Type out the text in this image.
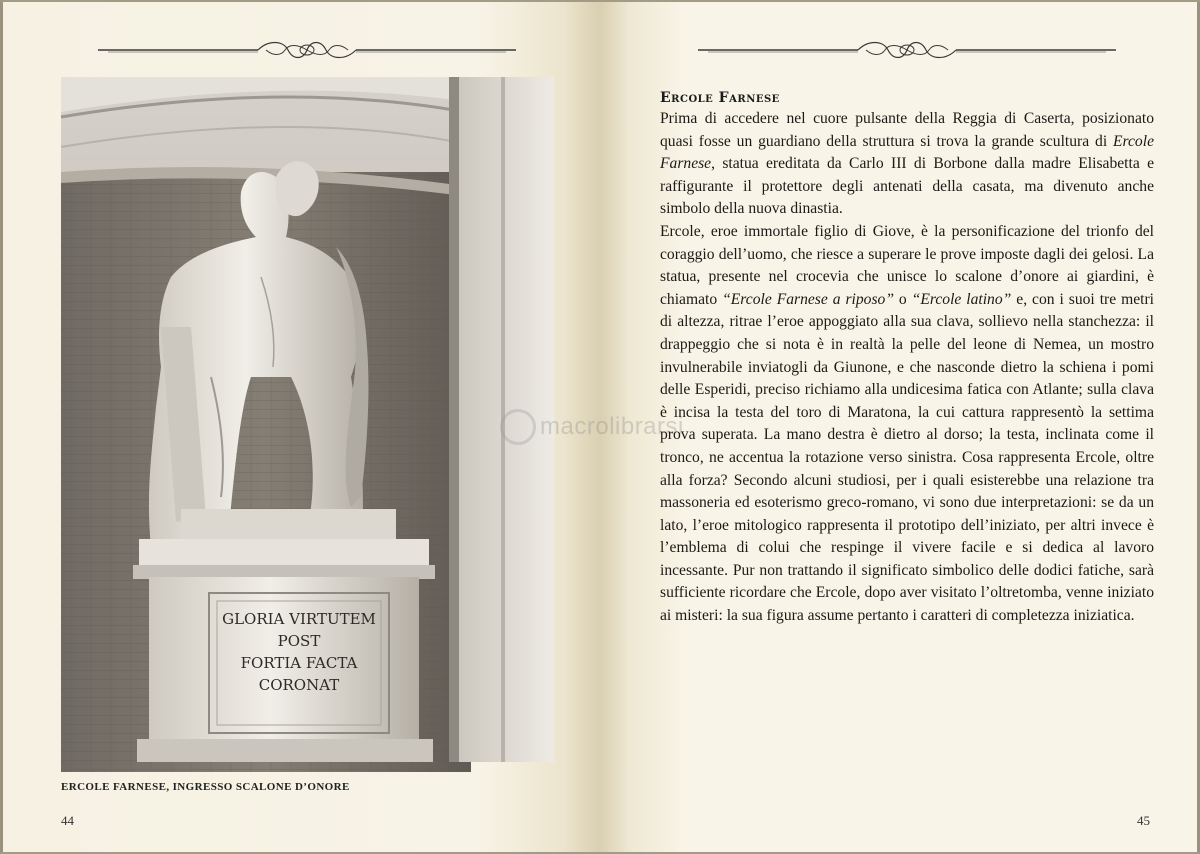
GLORIA VIRTUTEM
POST
FORTIA FACTA
CORONAT
ERCOLE FARNESE, INGRESSO SCALONE D’ONORE
44
macrolibrarsi
Ercole Farnese

Prima di accedere nel cuore pulsante della Reggia di Caserta, posizionato quasi fosse un guardiano della struttura si trova la grande scultura di Ercole Farnese, statua ereditata da Carlo III di Borbone dalla madre Elisabetta e raffigurante il protettore degli antenati della casata, ma divenuto anche simbolo della nuova dinastia.

Ercole, eroe immortale figlio di Giove, è la personificazione del trionfo del coraggio dell’uomo, che riesce a superare le prove imposte dagli dei gelosi. La statua, presente nel crocevia che unisce lo scalone d’onore ai giardini, è chiamato “Ercole Farnese a riposo” o “Ercole latino” e, con i suoi tre metri di altezza, ritrae l’eroe appoggiato alla sua clava, sollievo nella stanchezza: il drappeggio che si nota è in realtà la pelle del leone di Nemea, un mostro invulnerabile inviatogli da Giunone, e che nasconde dietro la schiena i pomi delle Esperidi, preciso richiamo alla undicesima fatica con Atlante; sulla clava è incisa la testa del toro di Maratona, la cui cattura rappresentò la settima prova superata. La mano destra è dietro al dorso; la testa, inclinata come il tronco, ne accentua la rotazione verso sinistra. Cosa rappresenta Ercole, oltre alla forza? Secondo alcuni studiosi, per i quali esisterebbe una relazione tra massoneria ed esoterismo greco-romano, vi sono due interpretazioni: se da un lato, l’eroe mitologico rappresenta il prototipo dell’iniziato, per altri invece è l’emblema di colui che respinge il vivere facile e si dedica al lavoro incessante. Pur non trattando il significato simbolico delle dodici fatiche, sarà sufficiente ricordare che Ercole, dopo aver visitato l’oltretomba, venne iniziato ai misteri: la sua figura assume pertanto i caratteri di completezza iniziatica.

45
